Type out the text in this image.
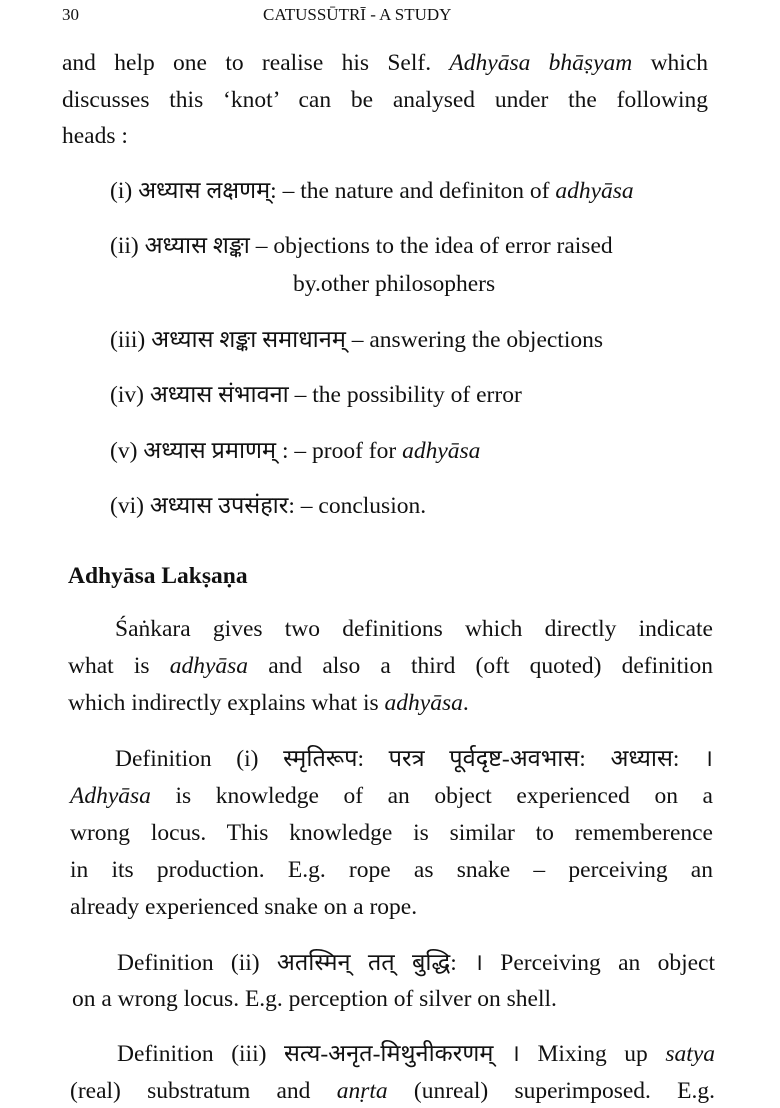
30	CATUSSŪTRĪ - A STUDY
and help one to realise his Self. Adhyāsa bhāṣyam which
discusses this ‘knot’ can be analysed under the following
heads :
(i) अध्यास लक्षणम्: – the nature and definiton of adhyāsa
(ii) अध्यास शङ्का – objections to the idea of error raised
by.other philosophers
(iii) अध्यास शङ्का समाधानम् – answering the objections
(iv) अध्यास संभावना – the possibility of error
(v) अध्यास प्रमाणम् : – proof for adhyāsa
(vi) अध्यास उपसंहार: – conclusion.
Adhyāsa Lakṣaṇa
Śaṅkara gives two definitions which directly indicate
what is adhyāsa and also a third (oft quoted) definition
which indirectly explains what is adhyāsa.
Definition (i) स्मृतिरूप: परत्र पूर्वदृष्ट-अवभास: अध्यास: ।
Adhyāsa is knowledge of an object experienced on a
wrong locus. This knowledge is similar to rememberence
in its production. E.g. rope as snake – perceiving an
already experienced snake on a rope.
Definition (ii) अतस्मिन् तत् बुद्धि: । Perceiving an object
on a wrong locus. E.g. perception of silver on shell.
Definition (iii) सत्य-अनृत-मिथुनीकरणम् । Mixing up satya
(real) substratum and anṛta (unreal) superimposed. E.g.
